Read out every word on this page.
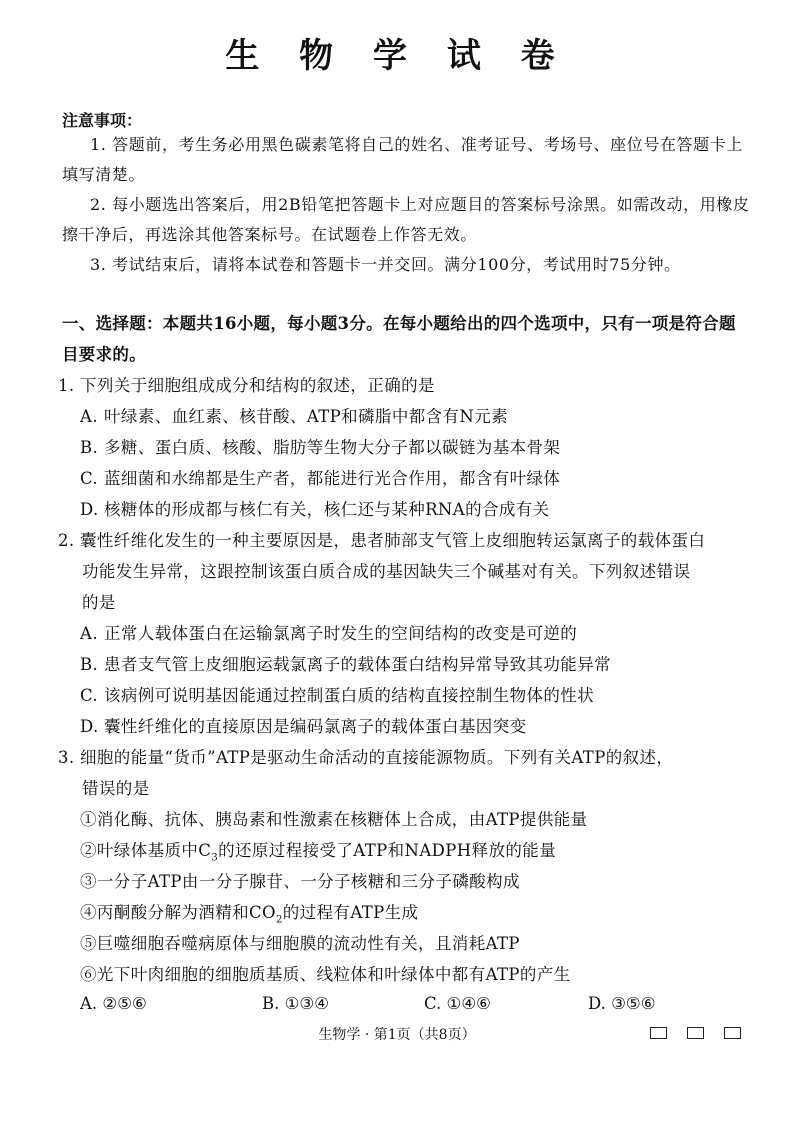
生 物 学 试 卷
注意事项：
1. 答题前，考生务必用黑色碳素笔将自己的姓名、准考证号、考场号、座位号在答题卡上填写清楚。
2. 每小题选出答案后，用2B铅笔把答题卡上对应题目的答案标号涂黑。如需改动，用橡皮擦干净后，再选涂其他答案标号。在试题卷上作答无效。
3. 考试结束后，请将本试卷和答题卡一并交回。满分100分，考试用时75分钟。
一、选择题：本题共16小题，每小题3分。在每小题给出的四个选项中，只有一项是符合题目要求的。
1. 下列关于细胞组成成分和结构的叙述，正确的是
A. 叶绿素、血红素、核苷酸、ATP和磷脂中都含有N元素
B. 多糖、蛋白质、核酸、脂肪等生物大分子都以碳链为基本骨架
C. 蓝细菌和水绵都是生产者，都能进行光合作用，都含有叶绿体
D. 核糖体的形成都与核仁有关，核仁还与某种RNA的合成有关
2. 囊性纤维化发生的一种主要原因是，患者肺部支气管上皮细胞转运氯离子的载体蛋白
功能发生异常，这跟控制该蛋白质合成的基因缺失三个碱基对有关。下列叙述错误
的是
A. 正常人载体蛋白在运输氯离子时发生的空间结构的改变是可逆的
B. 患者支气管上皮细胞运载氯离子的载体蛋白结构异常导致其功能异常
C. 该病例可说明基因能通过控制蛋白质的结构直接控制生物体的性状
D. 囊性纤维化的直接原因是编码氯离子的载体蛋白基因突变
3. 细胞的能量“货币”ATP是驱动生命活动的直接能源物质。下列有关ATP的叙述，
错误的是
①消化酶、抗体、胰岛素和性激素在核糖体上合成，由ATP提供能量
②叶绿体基质中$C_3$的还原过程接受了ATP和NADPH释放的能量
③一分子ATP由一分子腺苷、一分子核糖和三分子磷酸构成
④丙酮酸分解为酒精和$CO_2$的过程有ATP生成
⑤巨噬细胞吞噬病原体与细胞膜的流动性有关，且消耗ATP
⑥光下叶肉细胞的细胞质基质、线粒体和叶绿体中都有ATP的产生
A. ②⑤⑥	B. ①③④	C. ①④⑥	D. ③⑤⑥
生物学 · 第1页（共8页）
